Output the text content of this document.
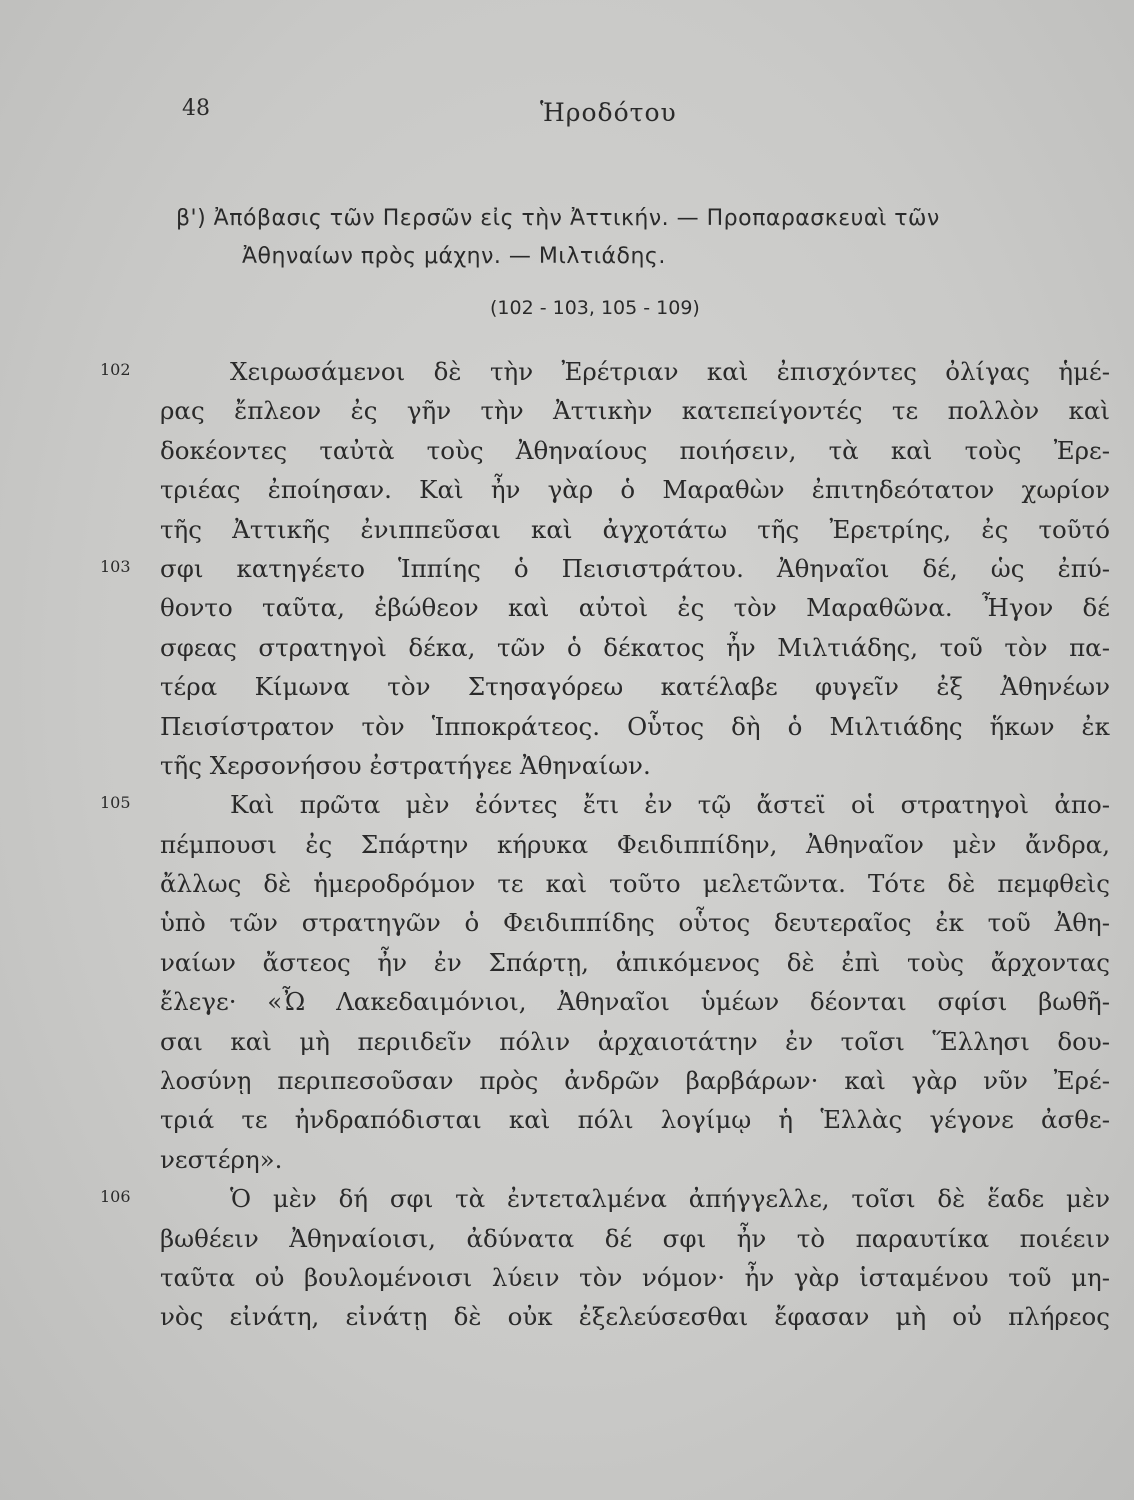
48	Ἡροδότου
β') Ἀπόβασις τῶν Περσῶν εἰς τὴν Ἀττικήν. — Προπαρασκευαὶ τῶν
Ἀθηναίων πρὸς μάχην. — Μιλτιάδης.
(102 - 103, 105 - 109)
102
103
Χειρωσάμενοι δὲ τὴν Ἐρέτριαν καὶ ἐπισχόντες ὀλίγας ἡμέ-
ρας ἔπλεον ἐς γῆν τὴν Ἀττικὴν κατεπείγοντές τε πολλὸν καὶ
δοκέοντες ταὐτὰ τοὺς Ἀθηναίους ποιήσειν, τὰ καὶ τοὺς Ἐρε-
τριέας ἐποίησαν. Καὶ ἦν γὰρ ὁ Μαραθὼν ἐπιτηδεότατον χωρίον
τῆς Ἀττικῆς ἐνιππεῦσαι καὶ ἀγχοτάτω τῆς Ἐρετρίης, ἐς τοῦτό
σφι κατηγέετο Ἱππίης ὁ Πεισιστράτου. Ἀθηναῖοι δέ, ὡς ἐπύ-
θοντο ταῦτα, ἐβώθεον καὶ αὐτοὶ ἐς τὸν Μαραθῶνα. Ἦγον δέ
σφεας στρατηγοὶ δέκα, τῶν ὁ δέκατος ἦν Μιλτιάδης, τοῦ τὸν πα-
τέρα Κίμωνα τὸν Στησαγόρεω κατέλαβε φυγεῖν ἐξ Ἀθηνέων
Πεισίστρατον τὸν Ἱπποκράτεος. Οὗτος δὴ ὁ Μιλτιάδης ἥκων ἐκ
τῆς Χερσονήσου ἐστρατήγεε Ἀθηναίων.
105	Καὶ πρῶτα μὲν ἐόντες ἔτι ἐν τῷ ἄστεϊ οἱ στρατηγοὶ ἀπο-
πέμπουσι ἐς Σπάρτην κήρυκα Φειδιππίδην, Ἀθηναῖον μὲν ἄνδρα,
ἄλλως δὲ ἡμεροδρόμον τε καὶ τοῦτο μελετῶντα. Τότε δὲ πεμφθεὶς
ὑπὸ τῶν στρατηγῶν ὁ Φειδιππίδης οὗτος δευτεραῖος ἐκ τοῦ Ἀθη-
ναίων ἄστεος ἦν ἐν Σπάρτῃ, ἀπικόμενος δὲ ἐπὶ τοὺς ἄρχοντας
ἔλεγε· «Ὦ Λακεδαιμόνιοι, Ἀθηναῖοι ὑμέων δέονται σφίσι βωθῆ-
σαι καὶ μὴ περιιδεῖν πόλιν ἀρχαιοτάτην ἐν τοῖσι Ἕλλησι δου-
λοσύνῃ περιπεσοῦσαν πρὸς ἀνδρῶν βαρβάρων· καὶ γὰρ νῦν Ἐρέ-
τριά τε ἠνδραπόδισται καὶ πόλι λογίμῳ ἡ Ἑλλὰς γέγονε ἀσθε-
νεστέρη».
106	Ὁ μὲν δή σφι τὰ ἐντεταλμένα ἀπήγγελλε, τοῖσι δὲ ἕαδε μὲν
βωθέειν Ἀθηναίοισι, ἀδύνατα δέ σφι ἦν τὸ παραυτίκα ποιέειν
ταῦτα οὐ βουλομένοισι λύειν τὸν νόμον· ἦν γὰρ ἱσταμένου τοῦ μη-
νὸς εἰνάτη, εἰνάτῃ δὲ οὐκ ἐξελεύσεσθαι ἔφασαν μὴ οὐ πλήρεος
